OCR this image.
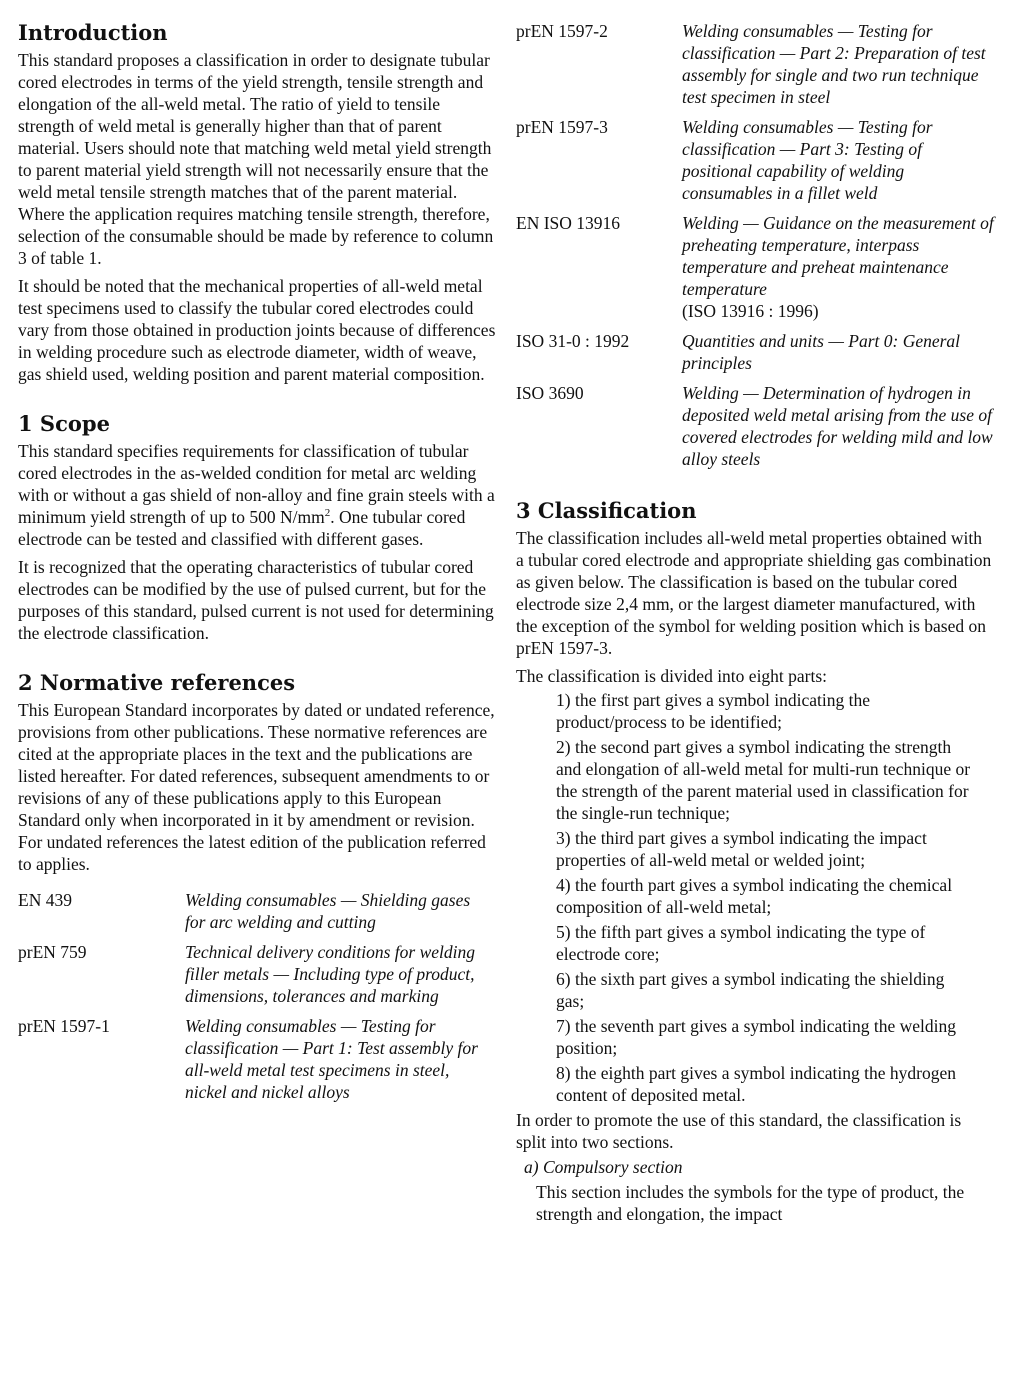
Introduction
This standard proposes a classification in order to designate tubular cored electrodes in terms of the yield strength, tensile strength and elongation of the all-weld metal. The ratio of yield to tensile strength of weld metal is generally higher than that of parent material. Users should note that matching weld metal yield strength to parent material yield strength will not necessarily ensure that the weld metal tensile strength matches that of the parent material. Where the application requires matching tensile strength, therefore, selection of the consumable should be made by reference to column 3 of table 1.
It should be noted that the mechanical properties of all-weld metal test specimens used to classify the tubular cored electrodes could vary from those obtained in production joints because of differences in welding procedure such as electrode diameter, width of weave, gas shield used, welding position and parent material composition.
1 Scope
This standard specifies requirements for classification of tubular cored electrodes in the as-welded condition for metal arc welding with or without a gas shield of non-alloy and fine grain steels with a minimum yield strength of up to 500 $N/mm^2$. One tubular cored electrode can be tested and classified with different gases.
It is recognized that the operating characteristics of tubular cored electrodes can be modified by the use of pulsed current, but for the purposes of this standard, pulsed current is not used for determining the electrode classification.
2 Normative references
This European Standard incorporates by dated or undated reference, provisions from other publications. These normative references are cited at the appropriate places in the text and the publications are listed hereafter. For dated references, subsequent amendments to or revisions of any of these publications apply to this European Standard only when incorporated in it by amendment or revision. For undated references the latest edition of the publication referred to applies.
EN 439	Welding consumables — Shielding gases for arc welding and cutting
prEN 759	Technical delivery conditions for welding filler metals — Including type of product, dimensions, tolerances and marking
prEN 1597-1	Welding consumables — Testing for classification — Part 1: Test assembly for all-weld metal test specimens in steel, nickel and nickel alloys
prEN 1597-2	Welding consumables — Testing for classification — Part 2: Preparation of test assembly for single and two run technique test specimen in steel
prEN 1597-3	Welding consumables — Testing for classification — Part 3: Testing of positional capability of welding consumables in a fillet weld
EN ISO 13916	Welding — Guidance on the measurement of preheating temperature, interpass temperature and preheat maintenance temperature
(ISO 13916 : 1996)
ISO 31-0 : 1992	Quantities and units — Part 0: General principles
ISO 3690	Welding — Determination of hydrogen in deposited weld metal arising from the use of covered electrodes for welding mild and low alloy steels
3 Classification
The classification includes all-weld metal properties obtained with a tubular cored electrode and appropriate shielding gas combination as given below. The classification is based on the tubular cored electrode size 2,4 mm, or the largest diameter manufactured, with the exception of the symbol for welding position which is based on prEN 1597-3.
The classification is divided into eight parts:
1) the first part gives a symbol indicating the product/process to be identified;
2) the second part gives a symbol indicating the strength and elongation of all-weld metal for multi-run technique or the strength of the parent material used in classification for the single-run technique;
3) the third part gives a symbol indicating the impact properties of all-weld metal or welded joint;
4) the fourth part gives a symbol indicating the chemical composition of all-weld metal;
5) the fifth part gives a symbol indicating the type of electrode core;
6) the sixth part gives a symbol indicating the shielding gas;
7) the seventh part gives a symbol indicating the welding position;
8) the eighth part gives a symbol indicating the hydrogen content of deposited metal.
In order to promote the use of this standard, the classification is split into two sections.
a) Compulsory section
This section includes the symbols for the type of product, the strength and elongation, the impact
